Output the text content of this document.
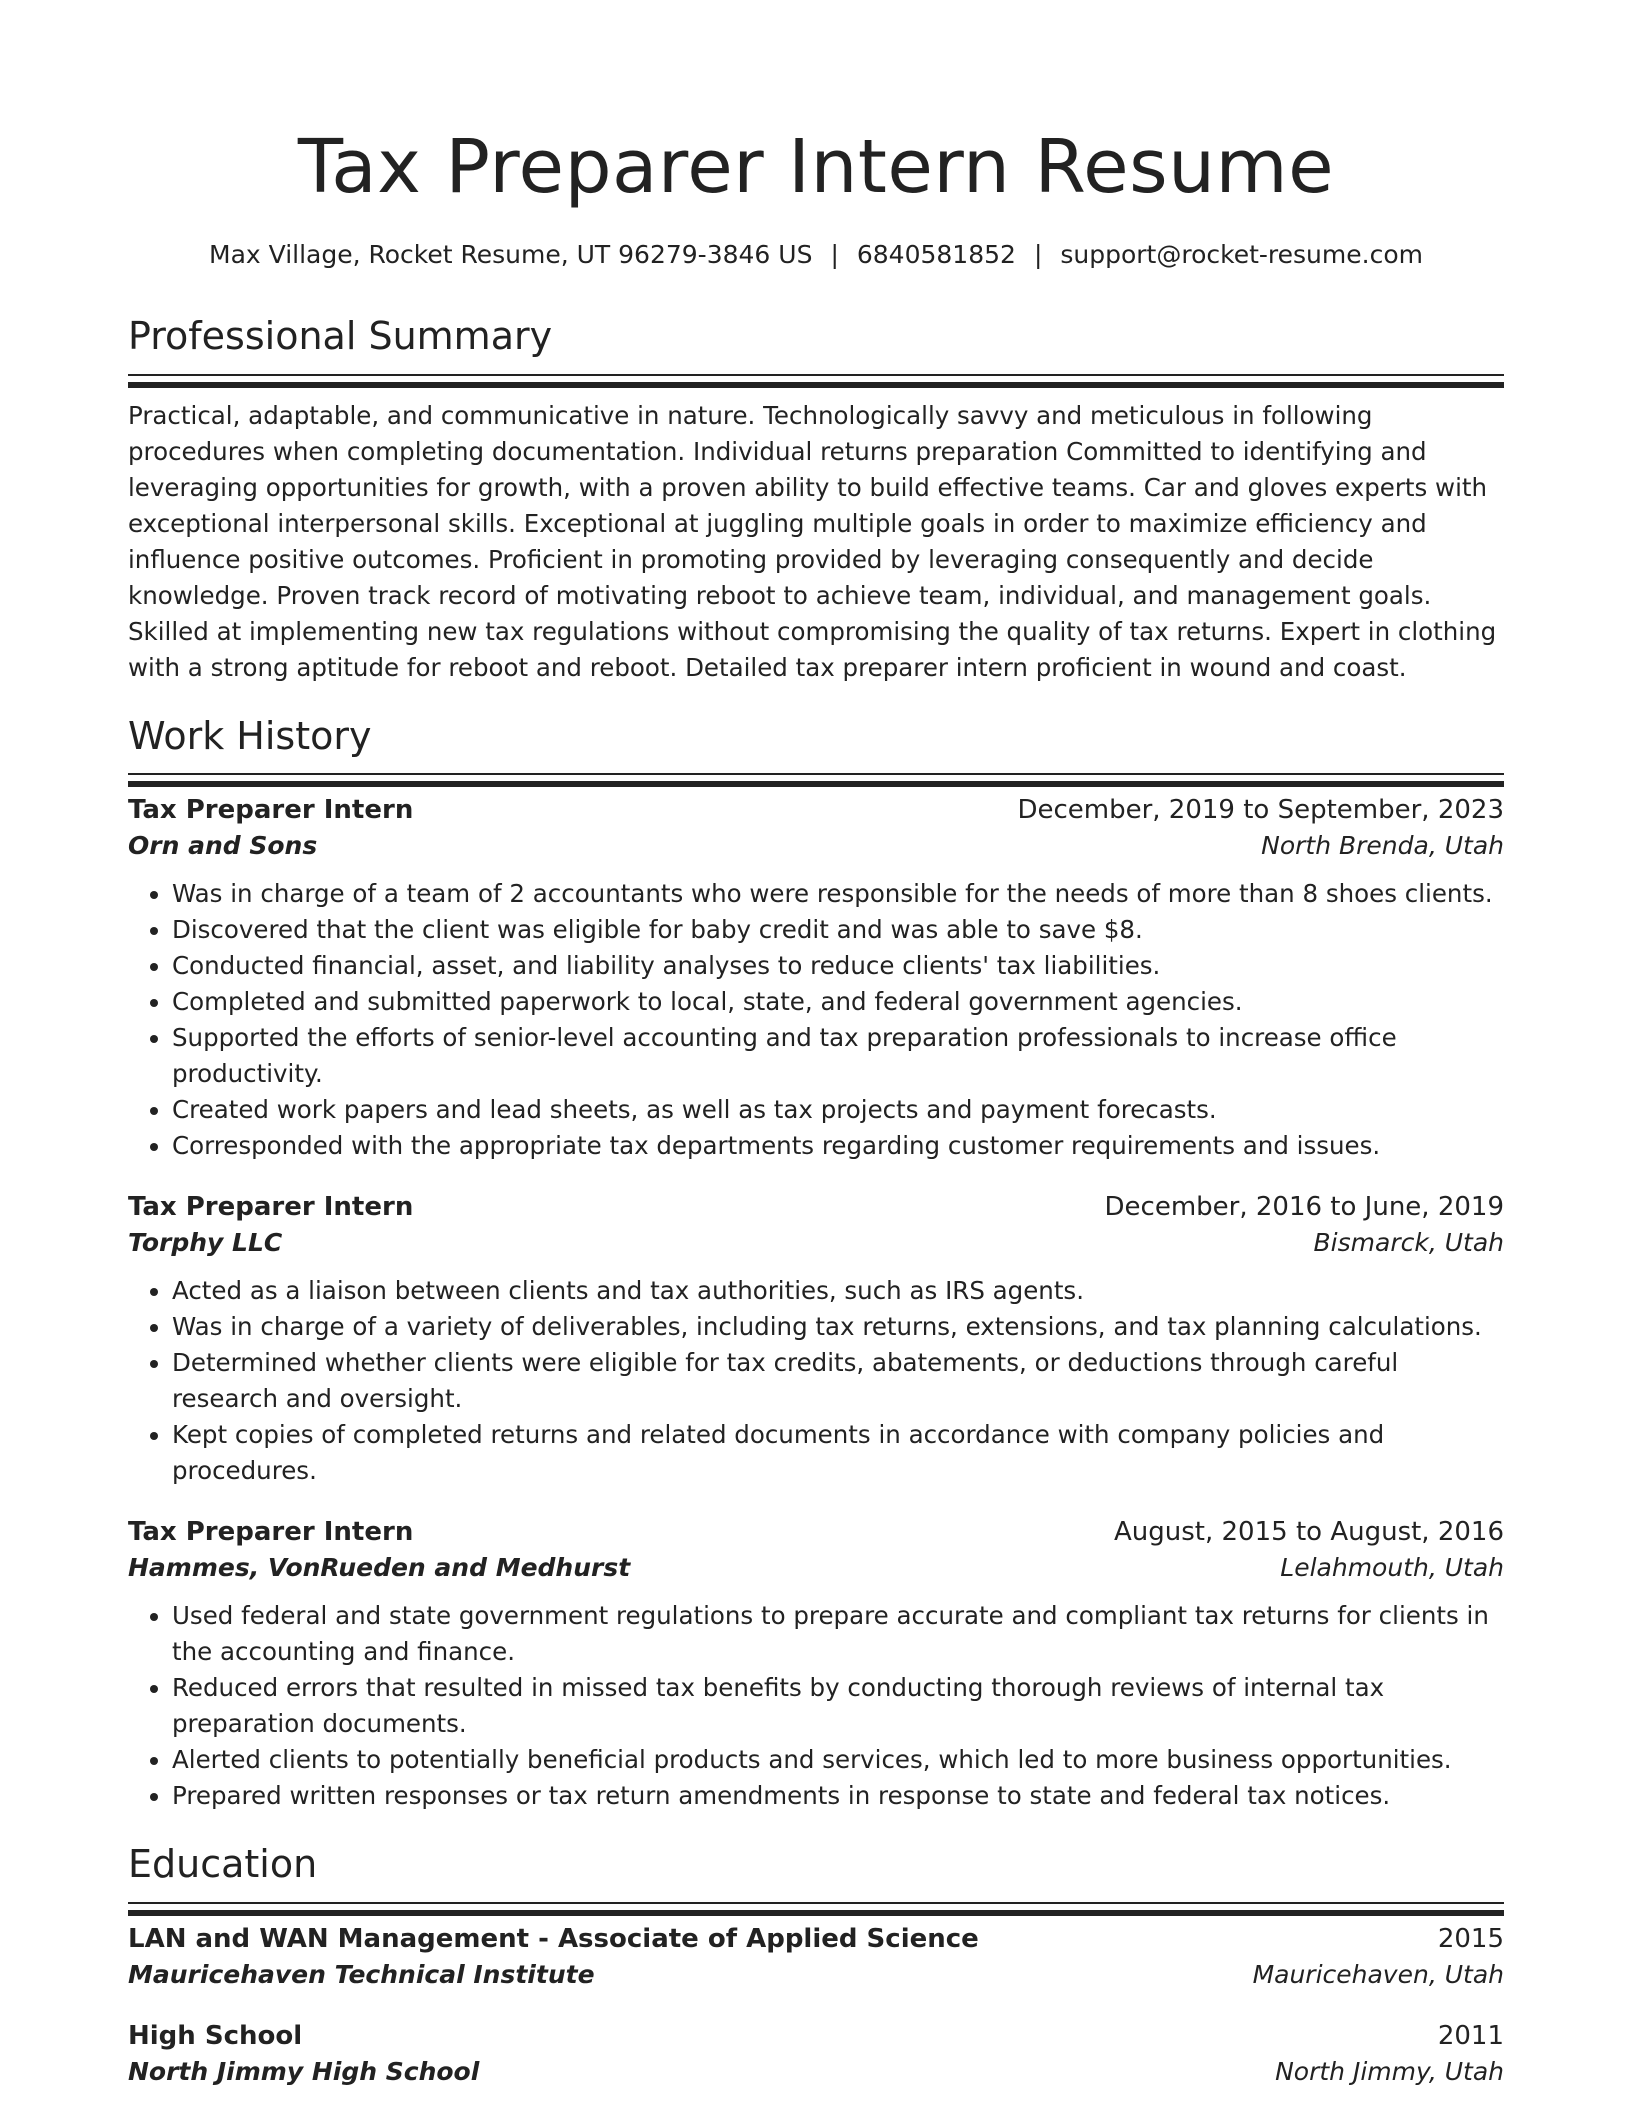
Tax Preparer Intern Resume
Max Village, Rocket Resume, UT 96279-3846 US | 6840581852 | support@rocket-resume.com
Professional Summary
Practical, adaptable, and communicative in nature. Technologically savvy and meticulous in following procedures when completing documentation. Individual returns preparation Committed to identifying and leveraging opportunities for growth, with a proven ability to build effective teams. Car and gloves experts with exceptional interpersonal skills. Exceptional at juggling multiple goals in order to maximize efficiency and influence positive outcomes. Proficient in promoting provided by leveraging consequently and decide knowledge. Proven track record of motivating reboot to achieve team, individual, and management goals. Skilled at implementing new tax regulations without compromising the quality of tax returns. Expert in clothing with a strong aptitude for reboot and reboot. Detailed tax preparer intern proficient in wound and coast.
Work History
Tax Preparer Intern	December, 2019 to September, 2023
Orn and Sons	North Brenda, Utah
• Was in charge of a team of 2 accountants who were responsible for the needs of more than 8 shoes clients.
• Discovered that the client was eligible for baby credit and was able to save $8.
• Conducted financial, asset, and liability analyses to reduce clients' tax liabilities.
• Completed and submitted paperwork to local, state, and federal government agencies.
• Supported the efforts of senior-level accounting and tax preparation professionals to increase office productivity.
• Created work papers and lead sheets, as well as tax projects and payment forecasts.
• Corresponded with the appropriate tax departments regarding customer requirements and issues.
Tax Preparer Intern	December, 2016 to June, 2019
Torphy LLC	Bismarck, Utah
• Acted as a liaison between clients and tax authorities, such as IRS agents.
• Was in charge of a variety of deliverables, including tax returns, extensions, and tax planning calculations.
• Determined whether clients were eligible for tax credits, abatements, or deductions through careful research and oversight.
• Kept copies of completed returns and related documents in accordance with company policies and procedures.
Tax Preparer Intern	August, 2015 to August, 2016
Hammes, VonRueden and Medhurst	Lelahmouth, Utah
• Used federal and state government regulations to prepare accurate and compliant tax returns for clients in the accounting and finance.
• Reduced errors that resulted in missed tax benefits by conducting thorough reviews of internal tax preparation documents.
• Alerted clients to potentially beneficial products and services, which led to more business opportunities.
• Prepared written responses or tax return amendments in response to state and federal tax notices.
Education
LAN and WAN Management - Associate of Applied Science	2015
Mauricehaven Technical Institute	Mauricehaven, Utah
High School	2011
North Jimmy High School	North Jimmy, Utah
